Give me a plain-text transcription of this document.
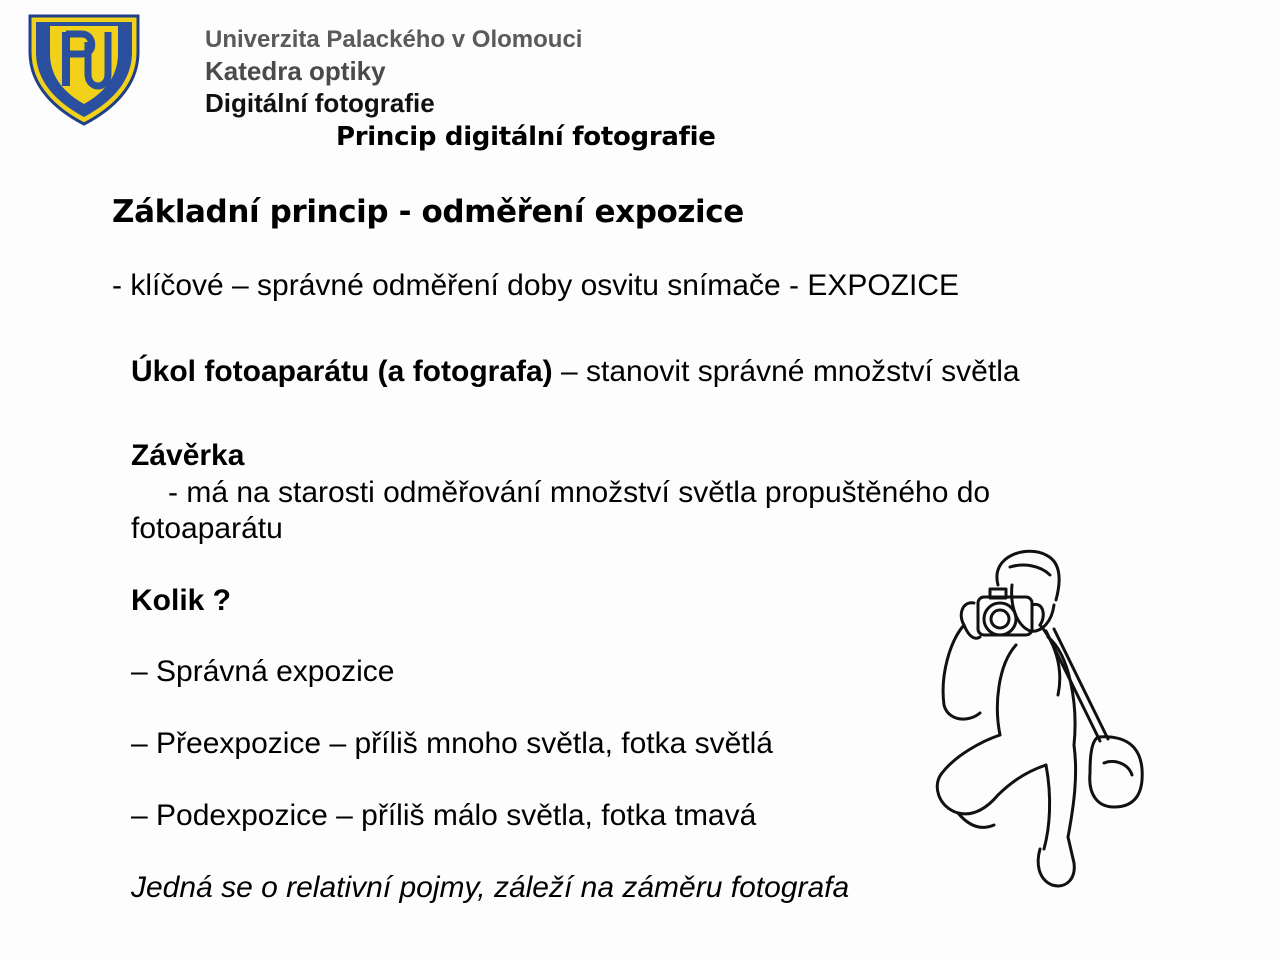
Univerzita Palackého v Olomouci
Katedra optiky
Digitální fotografie
Princip digitální fotografie
Základní princip - odměření expozice
- klíčové – správné odměření doby osvitu snímače - EXPOZICE
Úkol fotoaparátu (a fotografa) – stanovit správné množství světla
Závěrka
- má na starosti odměřování množství světla propuštěného do
fotoaparátu
Kolik ?
– Správná expozice
– Přeexpozice – příliš mnoho světla, fotka světlá
– Podexpozice – příliš málo světla, fotka tmavá
Jedná se o relativní pojmy, záleží na záměru fotografa
